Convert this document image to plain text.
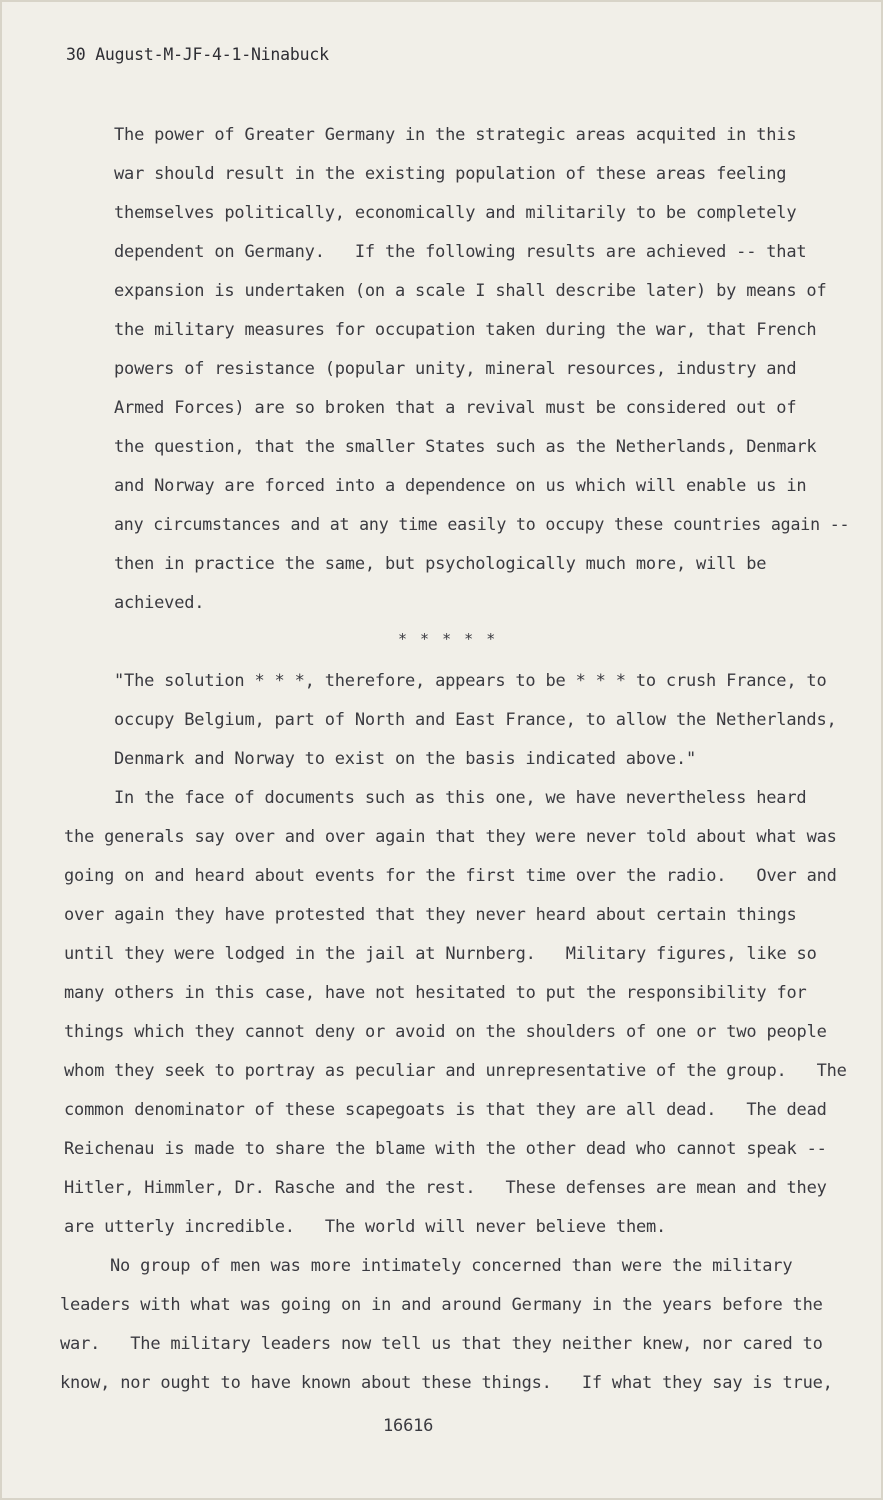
30 August-M-JF-4-1-Ninabuck
The power of Greater Germany in the strategic areas acquited in this
war should result in the existing population of these areas feeling
themselves politically, economically and militarily to be completely
dependent on Germany.   If the following results are achieved -- that
expansion is undertaken (on a scale I shall describe later) by means of
the military measures for occupation taken during the war, that French
powers of resistance (popular unity, mineral resources, industry and
Armed Forces) are so broken that a revival must be considered out of
the question, that the smaller States such as the Netherlands, Denmark
and Norway are forced into a dependence on us which will enable us in
any circumstances and at any time easily to occupy these countries again --
then in practice the same, but psychologically much more, will be
achieved.
* * * * *
"The solution * * *, therefore, appears to be * * * to crush France, to
occupy Belgium, part of North and East France, to allow the Netherlands,
Denmark and Norway to exist on the basis indicated above."
In the face of documents such as this one, we have nevertheless heard
the generals say over and over again that they were never told about what was
going on and heard about events for the first time over the radio.   Over and
over again they have protested that they never heard about certain things
until they were lodged in the jail at Nurnberg.   Military figures, like so
many others in this case, have not hesitated to put the responsibility for
things which they cannot deny or avoid on the shoulders of one or two people
whom they seek to portray as peculiar and unrepresentative of the group.   The
common denominator of these scapegoats is that they are all dead.   The dead
Reichenau is made to share the blame with the other dead who cannot speak --
Hitler, Himmler, Dr. Rasche and the rest.   These defenses are mean and they
are utterly incredible.   The world will never believe them.
No group of men was more intimately concerned than were the military
leaders with what was going on in and around Germany in the years before the
war.   The military leaders now tell us that they neither knew, nor cared to
know, nor ought to have known about these things.   If what they say is true,
16616
